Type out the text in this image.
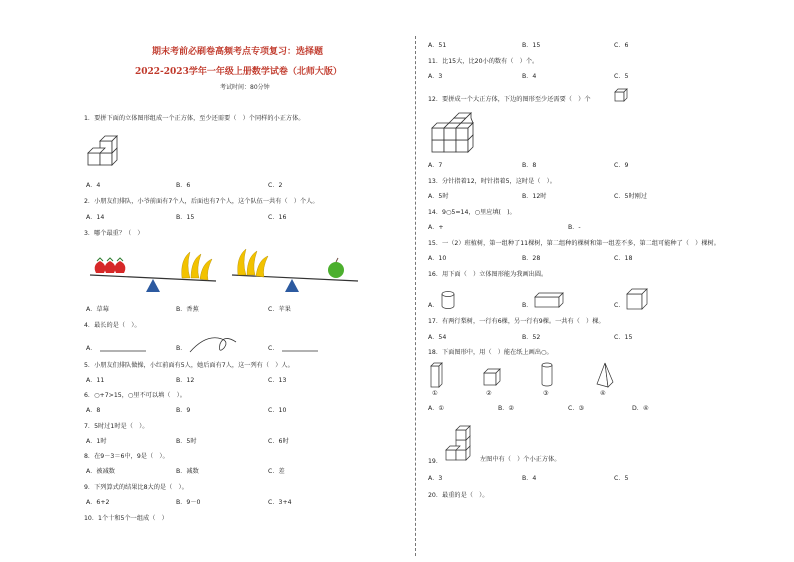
期末考前必刷卷高频考点专项复习：选择题
2022-2023学年一年级上册数学试卷（北师大版）
考试时间：80分钟
1．要拼下面的立体图形组成一个正方体，至少还需要（　）个同样的小正方体。
A．4	B．6	C．2
2．小朋友们排队，小爷前面有7个人，后面也有7个人，这个队伍一共有（　）个人。
A．14	B．15	C．16
3．哪个最重？（　）
A．草莓	B．香蕉	C．苹果
4．最长的是（　）。
A．	B．	C．
5．小朋友们排队做操，小红前面有5人，她后面有7人，这一列有（　）人。
A．11	B．12	C．13
6．○+7>15，○里不可以填（　）。
A．8	B．9	C．10
7．5时过1时是（　）。
A．1时	B．5时	C．6时
8．在9－3＝6中，9是（　）。
A．被减数	B．减数	C．差
9．下列算式的结果比8大的是（　）。
A．6+2	B．9－0	C．3+4
10．1个十和5个一组成（　）
A．51	B．15	C．6
11．比15大，比20小的数有（　）个。
A．3	B．4	C．5
12．要拼成一个大正方体，下边的图形至少还需要（　）个
A．7	B．8	C．9
13．分针指着12，时针指着5，这时是（　）。
A．5时	B．12时	C．5时刚过
14．9○5=14，○里应填(　)。
A．+	B．-
15．一（2）班植树，第一组种了11棵树，第二组种的棵树和第一组差不多，第二组可能种了（　）棵树。
A．10	B．28	C．18
16．用下面（　）立体图形能为我画出圆。
A．	B．	C．
17．有两行梨树，一行有6棵，另一行有9棵。一共有（　）棵。
A．54	B．52	C．15
18．下面图形中，用（　）能在纸上画出○。
①	②	③	④
A．①	B．②	C．③	D．④
19．	左图中有（　）个小正方体。
A．3	B．4	C．5
20．最重的是（　）。
